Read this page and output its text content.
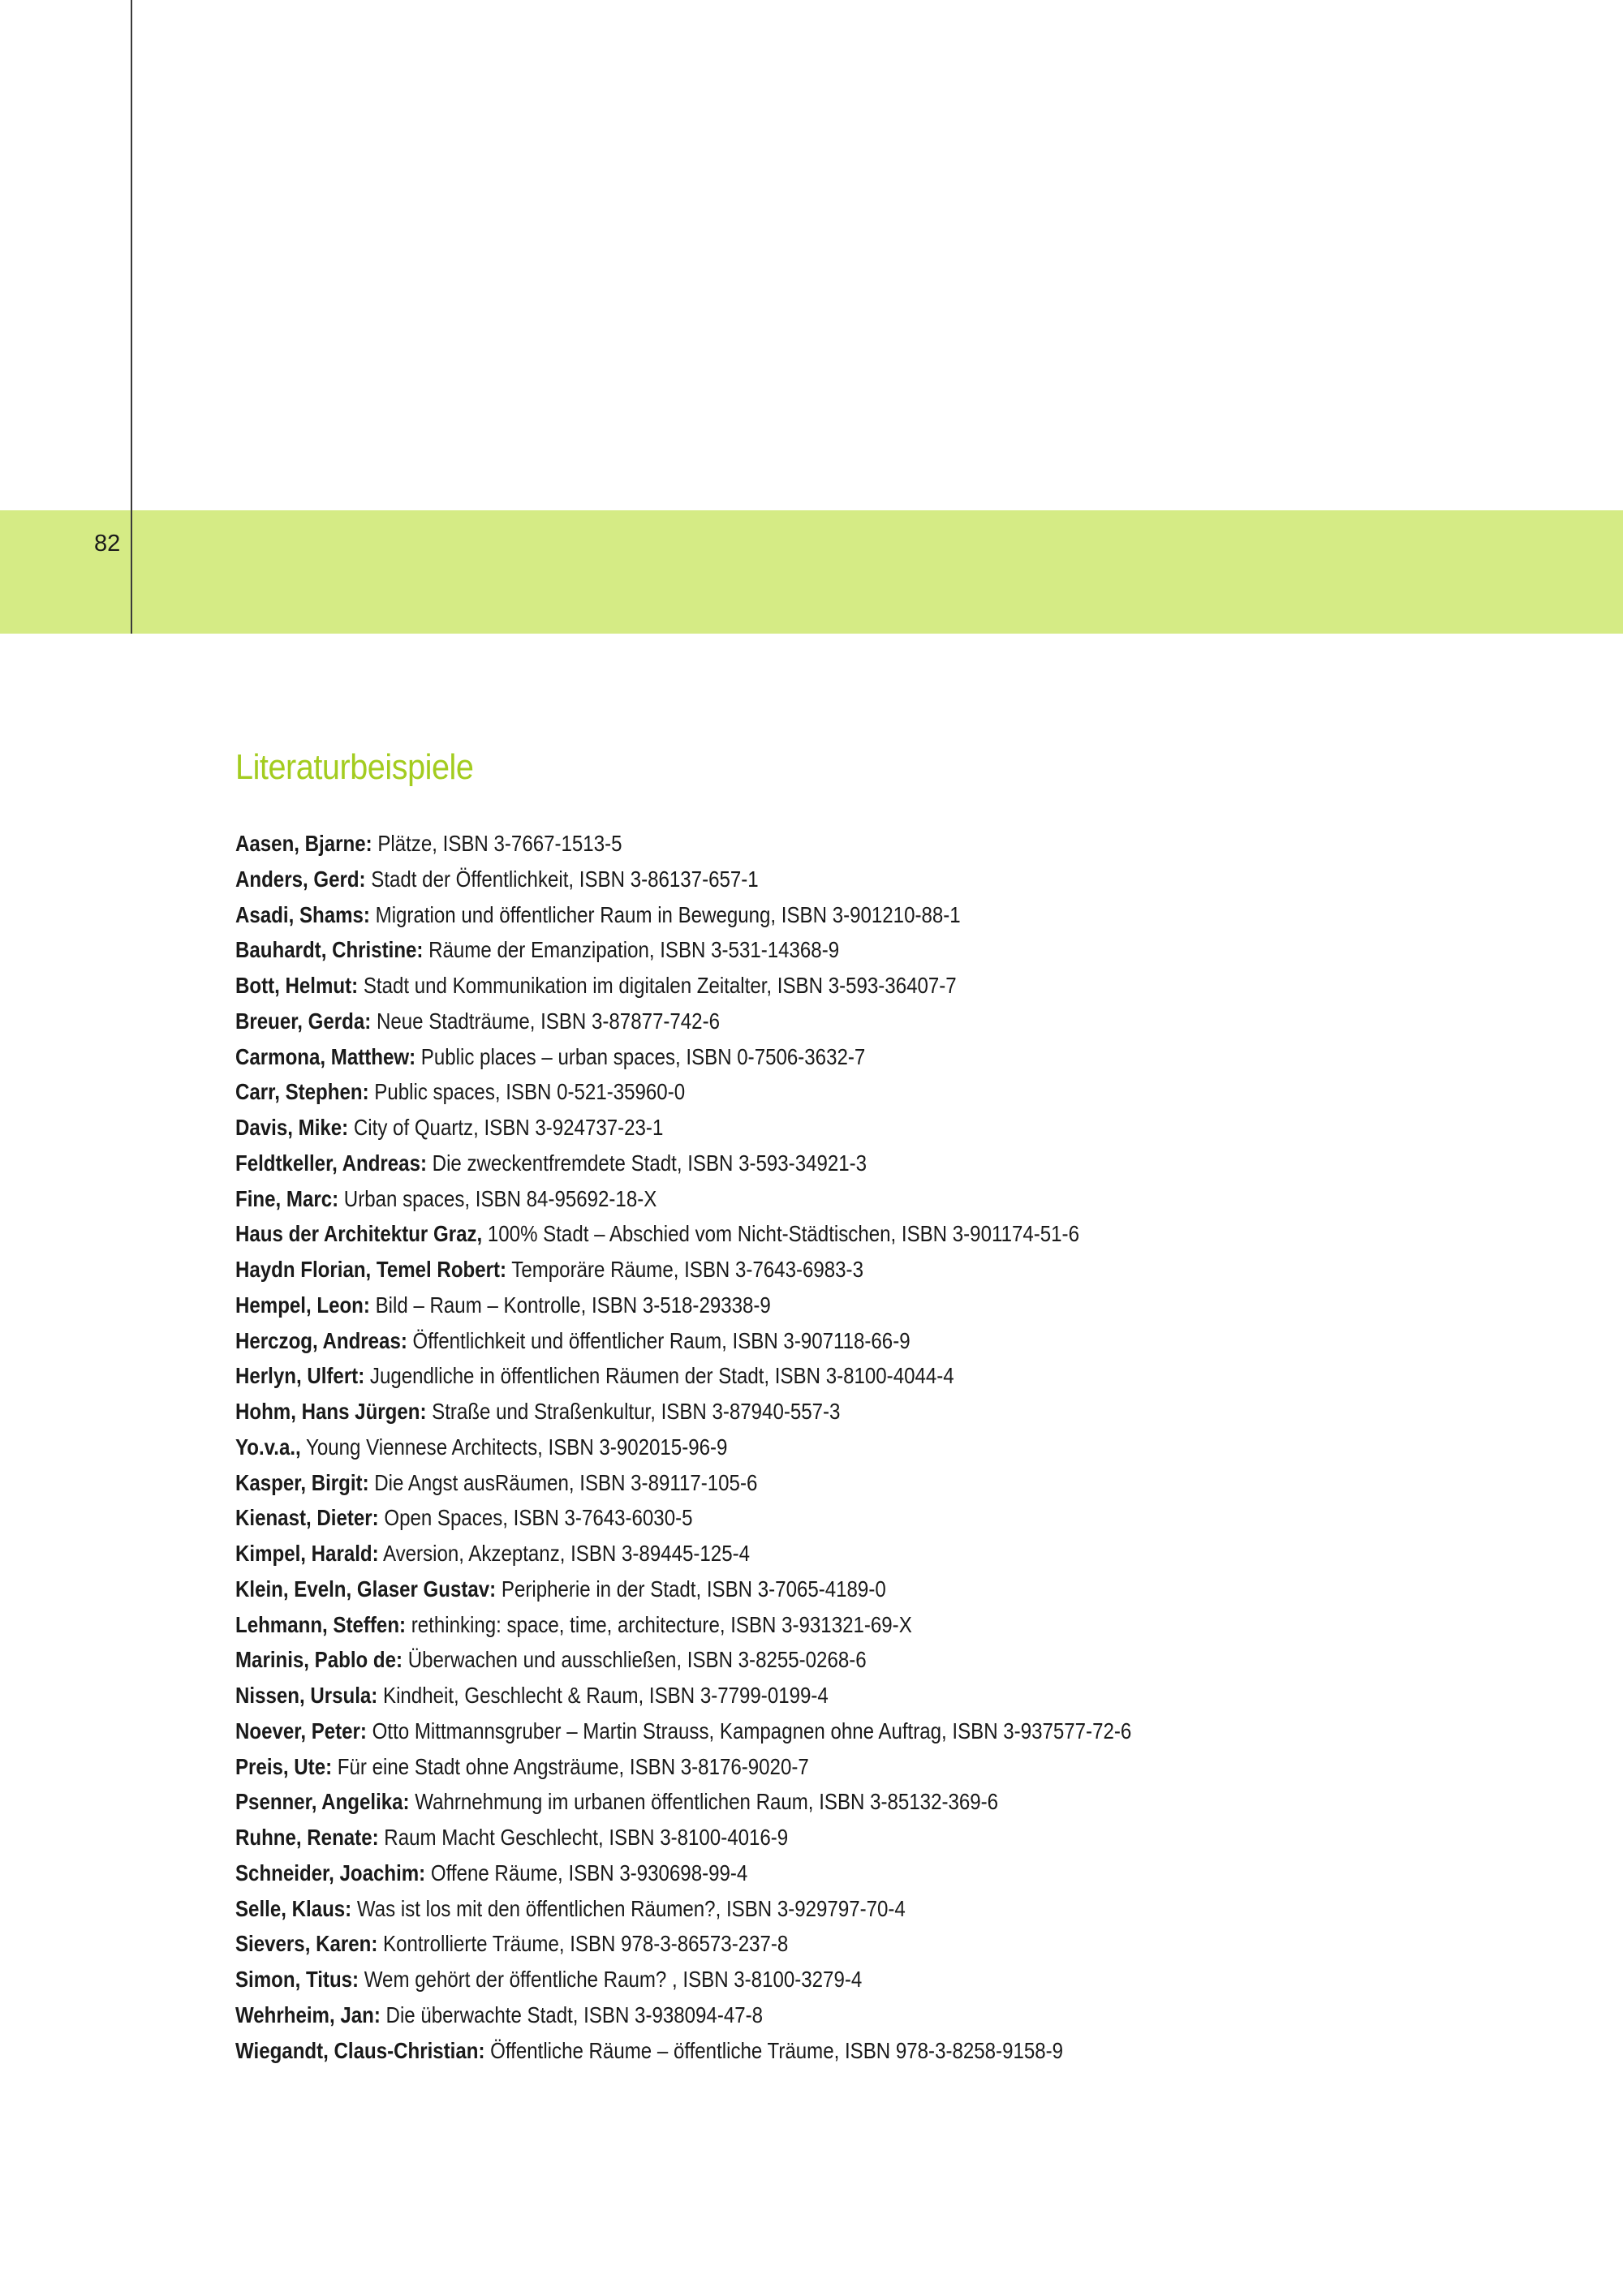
82
Literaturbeispiele
Aasen, Bjarne: Plätze, ISBN 3-7667-1513-5
Anders, Gerd: Stadt der Öffentlichkeit, ISBN 3-86137-657-1
Asadi, Shams: Migration und öffentlicher Raum in Bewegung, ISBN 3-901210-88-1
Bauhardt, Christine: Räume der Emanzipation, ISBN 3-531-14368-9
Bott, Helmut: Stadt und Kommunikation im digitalen Zeitalter, ISBN 3-593-36407-7
Breuer, Gerda: Neue Stadträume, ISBN 3-87877-742-6
Carmona, Matthew: Public places – urban spaces, ISBN 0-7506-3632-7
Carr, Stephen: Public spaces, ISBN 0-521-35960-0
Davis, Mike: City of Quartz, ISBN 3-924737-23-1
Feldtkeller, Andreas: Die zweckentfremdete Stadt, ISBN 3-593-34921-3
Fine, Marc: Urban spaces, ISBN 84-95692-18-X
Haus der Architektur Graz, 100% Stadt – Abschied vom Nicht-Städtischen, ISBN 3-901174-51-6
Haydn Florian, Temel Robert: Temporäre Räume, ISBN 3-7643-6983-3
Hempel, Leon: Bild – Raum – Kontrolle, ISBN 3-518-29338-9
Herczog, Andreas: Öffentlichkeit und öffentlicher Raum, ISBN 3-907118-66-9
Herlyn, Ulfert: Jugendliche in öffentlichen Räumen der Stadt, ISBN 3-8100-4044-4
Hohm, Hans Jürgen: Straße und Straßenkultur, ISBN 3-87940-557-3
Yo.v.a., Young Viennese Architects, ISBN 3-902015-96-9
Kasper, Birgit: Die Angst ausRäumen, ISBN 3-89117-105-6
Kienast, Dieter: Open Spaces, ISBN 3-7643-6030-5
Kimpel, Harald: Aversion, Akzeptanz, ISBN 3-89445-125-4
Klein, Eveln, Glaser Gustav: Peripherie in der Stadt, ISBN 3-7065-4189-0
Lehmann, Steffen: rethinking: space, time, architecture, ISBN 3-931321-69-X
Marinis, Pablo de: Überwachen und ausschließen, ISBN 3-8255-0268-6
Nissen, Ursula: Kindheit, Geschlecht & Raum, ISBN 3-7799-0199-4
Noever, Peter: Otto Mittmannsgruber – Martin Strauss, Kampagnen ohne Auftrag, ISBN 3-937577-72-6
Preis, Ute: Für eine Stadt ohne Angsträume, ISBN 3-8176-9020-7
Psenner, Angelika: Wahrnehmung im urbanen öffentlichen Raum, ISBN 3-85132-369-6
Ruhne, Renate: Raum Macht Geschlecht, ISBN 3-8100-4016-9
Schneider, Joachim: Offene Räume, ISBN 3-930698-99-4
Selle, Klaus: Was ist los mit den öffentlichen Räumen?, ISBN 3-929797-70-4
Sievers, Karen: Kontrollierte Träume, ISBN 978-3-86573-237-8
Simon, Titus: Wem gehört der öffentliche Raum? , ISBN 3-8100-3279-4
Wehrheim, Jan: Die überwachte Stadt, ISBN 3-938094-47-8
Wiegandt, Claus-Christian: Öffentliche Räume – öffentliche Träume, ISBN 978-3-8258-9158-9
